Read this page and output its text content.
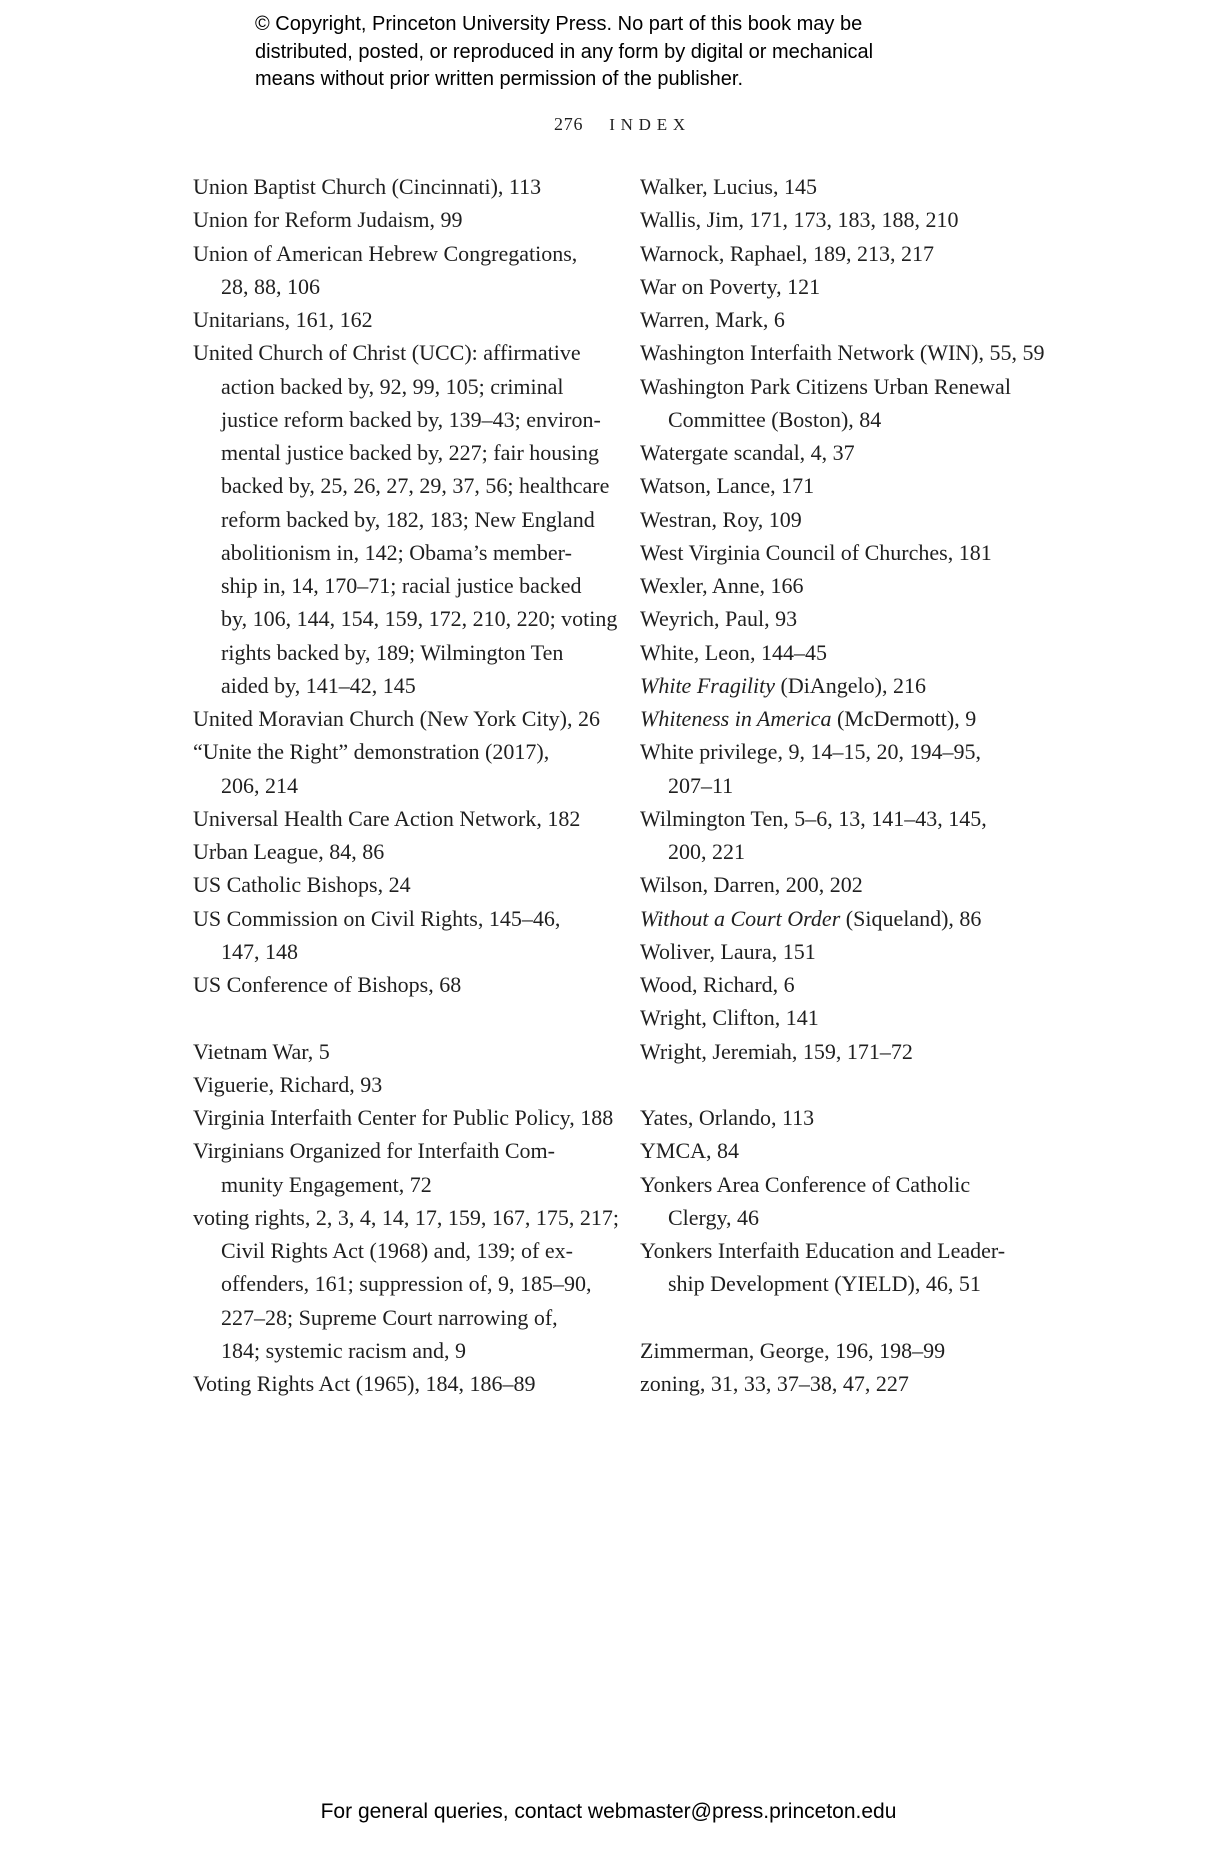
© Copyright, Princeton University Press. No part of this book may be
distributed, posted, or reproduced in any form by digital or mechanical
means without prior written permission of the publisher.
276 INDEX
Union Baptist Church (Cincinnati), 113
Union for Reform Judaism, 99
Union of American Hebrew Congregations,
28, 88, 106
Unitarians, 161, 162
United Church of Christ (UCC): affirmative
action backed by, 92, 99, 105; criminal
justice reform backed by, 139–43; environ-
mental justice backed by, 227; fair housing
backed by, 25, 26, 27, 29, 37, 56; healthcare
reform backed by, 182, 183; New England
abolitionism in, 142; Obama’s member-
ship in, 14, 170–71; racial justice backed
by, 106, 144, 154, 159, 172, 210, 220; voting
rights backed by, 189; Wilmington Ten
aided by, 141–42, 145
United Moravian Church (New York City), 26
“Unite the Right” demonstration (2017),
206, 214
Universal Health Care Action Network, 182
Urban League, 84, 86
US Catholic Bishops, 24
US Commission on Civil Rights, 145–46,
147, 148
US Conference of Bishops, 68

Vietnam War, 5
Viguerie, Richard, 93
Virginia Interfaith Center for Public Policy, 188
Virginians Organized for Interfaith Com-
munity Engagement, 72
voting rights, 2, 3, 4, 14, 17, 159, 167, 175, 217;
Civil Rights Act (1968) and, 139; of ex-
offenders, 161; suppression of, 9, 185–90,
227–28; Supreme Court narrowing of,
184; systemic racism and, 9
Voting Rights Act (1965), 184, 186–89
Walker, Lucius, 145
Wallis, Jim, 171, 173, 183, 188, 210
Warnock, Raphael, 189, 213, 217
War on Poverty, 121
Warren, Mark, 6
Washington Interfaith Network (WIN), 55, 59
Washington Park Citizens Urban Renewal
Committee (Boston), 84
Watergate scandal, 4, 37
Watson, Lance, 171
Westran, Roy, 109
West Virginia Council of Churches, 181
Wexler, Anne, 166
Weyrich, Paul, 93
White, Leon, 144–45
White Fragility (DiAngelo), 216
Whiteness in America (McDermott), 9
White privilege, 9, 14–15, 20, 194–95,
207–11
Wilmington Ten, 5–6, 13, 141–43, 145,
200, 221
Wilson, Darren, 200, 202
Without a Court Order (Siqueland), 86
Woliver, Laura, 151
Wood, Richard, 6
Wright, Clifton, 141
Wright, Jeremiah, 159, 171–72

Yates, Orlando, 113
YMCA, 84
Yonkers Area Conference of Catholic
Clergy, 46
Yonkers Interfaith Education and Leader-
ship Development (YIELD), 46, 51

Zimmerman, George, 196, 198–99
zoning, 31, 33, 37–38, 47, 227
For general queries, contact webmaster@press.princeton.edu
